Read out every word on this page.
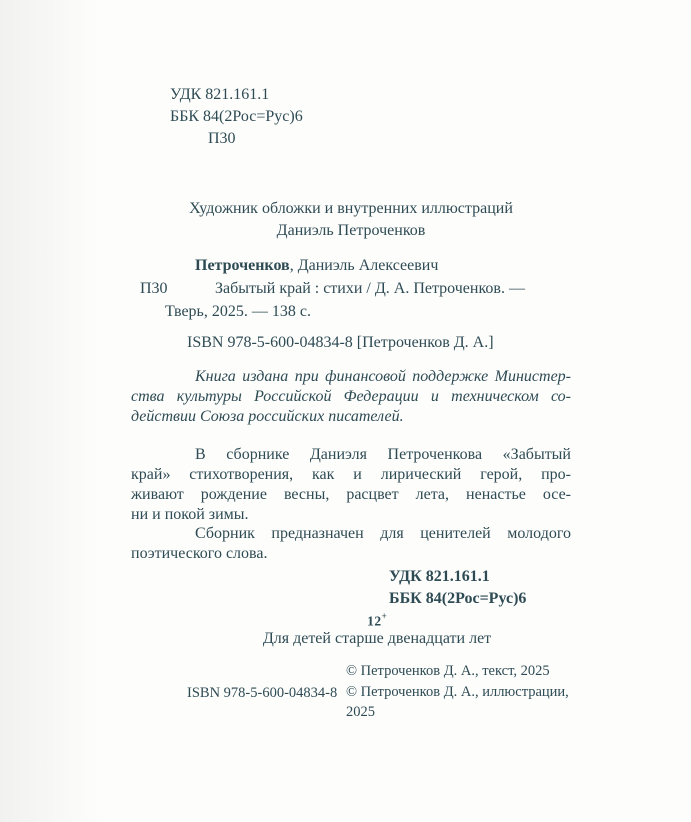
УДК 821.161.1
ББК 84(2Рос=Рус)6
П30
Художник обложки и внутренних иллюстраций
Даниэль Петроченков
Петроченков, Даниэль Алексеевич
П30	Забытый край : стихи / Д. А. Петроченков. —
Тверь, 2025. — 138 с.
ISBN 978-5-600-04834-8 [Петроченков Д. А.]
Книга издана при финансовой поддержке Министер-
ства культуры Российской Федерации и техническом со-
действии Союза российских писателей.
В сборнике Даниэля Петроченкова «Забытый
край» стихотворения, как и лирический герой, про-
живают рождение весны, расцвет лета, ненастье осе-
ни и покой зимы.
Сборник предназначен для ценителей молодого
поэтического слова.
УДК 821.161.1
ББК 84(2Рос=Рус)6
12+
Для детей старше двенадцати лет
ISBN 978-5-600-04834-8
© Петроченков Д. А., текст, 2025
© Петроченков Д. А., иллюстрации,
2025
